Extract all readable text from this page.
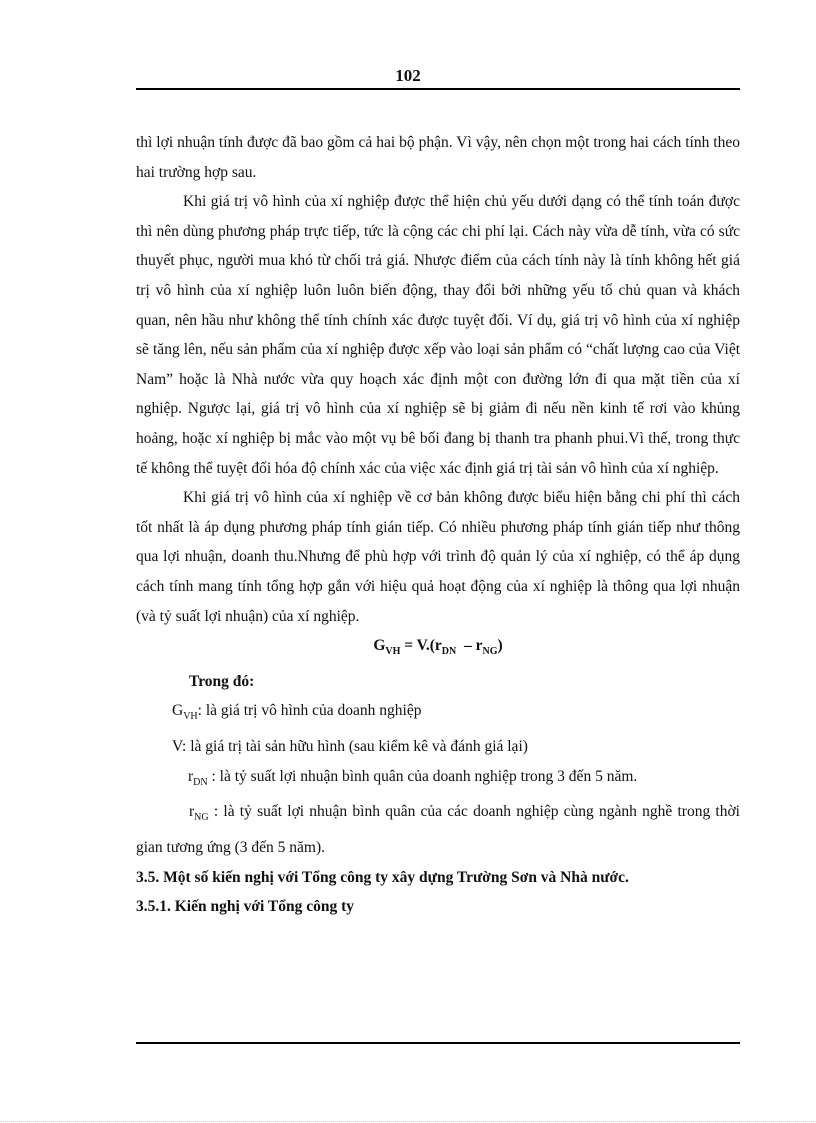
102

thì lợi nhuận tính được đã bao gồm cả hai bộ phận. Vì vậy, nên chọn một trong hai cách tính theo hai trường hợp sau.

Khi giá trị vô hình của xí nghiệp được thể hiện chủ yếu dưới dạng có thể tính toán được thì nên dùng phương pháp trực tiếp, tức là cộng các chi phí lại. Cách này vừa dễ tính, vừa có sức thuyết phục, người mua khó từ chối trả giá. Nhược điểm của cách tính này là tính không hết giá trị vô hình của xí nghiệp luôn luôn biến động, thay đổi bởi những yếu tố chủ quan và khách quan, nên hầu như không thể tính chính xác được tuyệt đối. Ví dụ, giá trị vô hình của xí nghiệp sẽ tăng lên, nếu sản phẩm của xí nghiệp được xếp vào loại sản phẩm có “chất lượng cao của Việt Nam” hoặc là Nhà nước vừa quy hoạch xác định một con đường lớn đi qua mặt tiền của xí nghiệp. Ngược lại, giá trị vô hình của xí nghiệp sẽ bị giảm đi nếu nền kinh tế rơi vào khủng hoảng, hoặc xí nghiệp bị mắc vào một vụ bê bối đang bị thanh tra phanh phui.Vì thế, trong thực tế không thể tuyệt đối hóa độ chính xác của việc xác định giá trị tài sản vô hình của xí nghiệp.

Khi giá trị vô hình của xí nghiệp về cơ bản không được biểu hiện bằng chi phí thì cách tốt nhất là áp dụng phương pháp tính gián tiếp. Có nhiều phương pháp tính gián tiếp như thông qua lợi nhuận, doanh thu.Nhưng để phù hợp với trình độ quản lý của xí nghiệp, có thể áp dụng cách tính mang tính tổng hợp gắn với hiệu quả hoạt động của xí nghiệp là thông qua lợi nhuận (và tỷ suất lợi nhuận) của xí nghiệp.

$G_{VH} = V.(r_{DN} - r_{NG})$

Trong đó:

$G_{VH}$: là giá trị vô hình của doanh nghiệp

V: là giá trị tài sản hữu hình (sau kiểm kê và đánh giá lại)

$r_{DN}$ : là tỷ suất lợi nhuận bình quân của doanh nghiệp trong 3 đến 5 năm.

$r_{NG}$ : là tỷ suất lợi nhuận bình quân của các doanh nghiệp cùng ngành nghề trong thời gian tương ứng (3 đến 5 năm).

3.5. Một số kiến nghị với Tổng công ty xây dựng Trường Sơn và Nhà nước.

3.5.1. Kiến nghị với Tổng công ty
